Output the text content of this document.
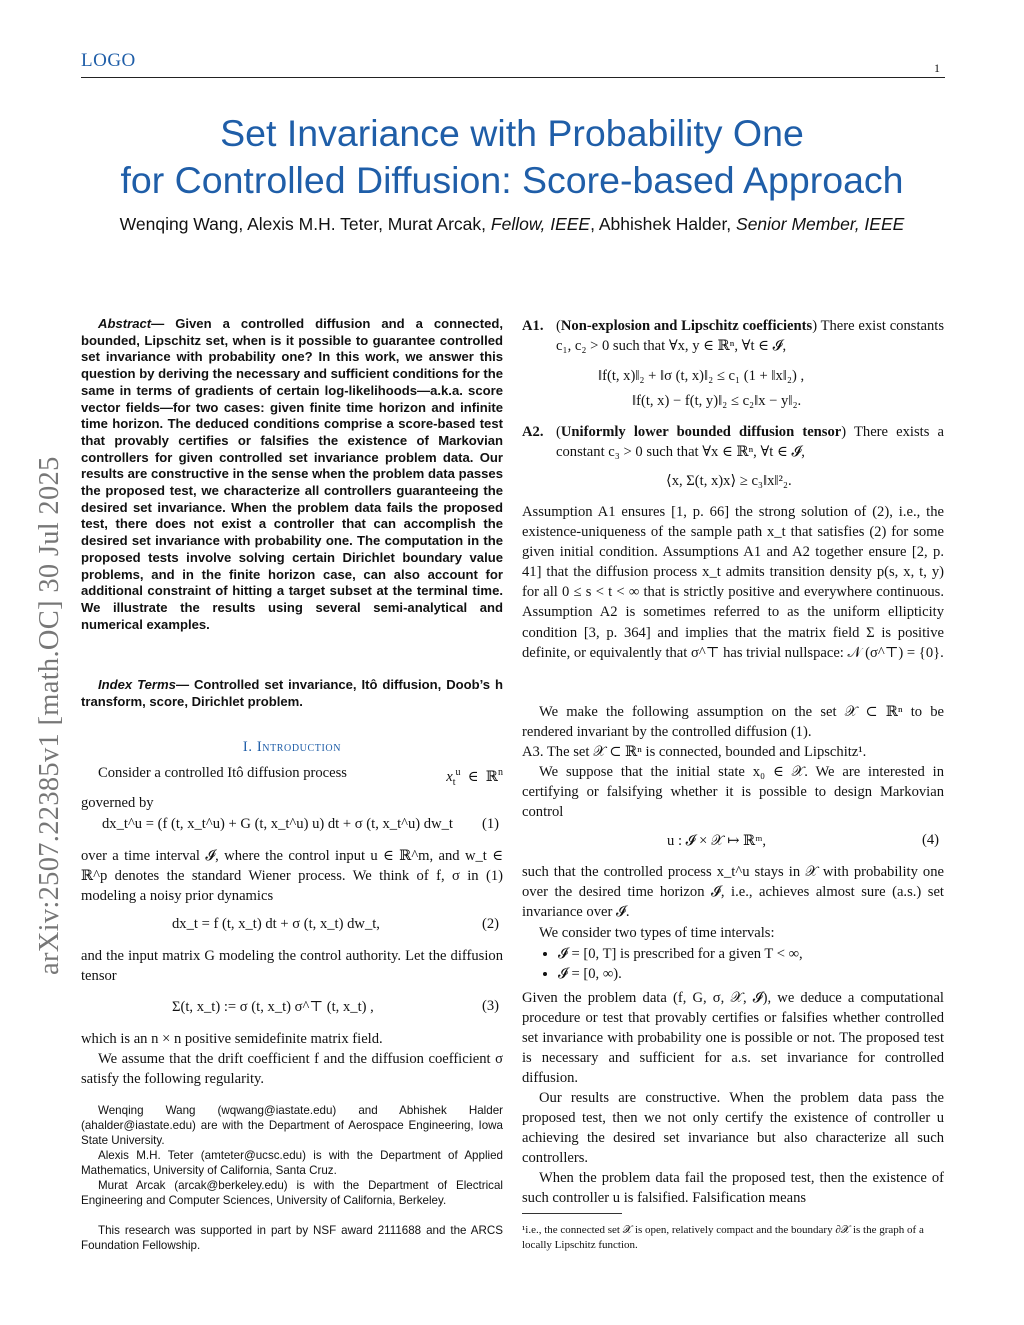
LOGO	1
arXiv:2507.22385v1 [math.OC] 30 Jul 2025
Set Invariance with Probability One
for Controlled Diffusion: Score-based Approach
Wenqing Wang, Alexis M.H. Teter, Murat Arcak, Fellow, IEEE, Abhishek Halder, Senior Member, IEEE
Abstract— Given a controlled diffusion and a connected, bounded, Lipschitz set, when is it possible to guarantee controlled set invariance with probability one? In this work, we answer this question by deriving the necessary and sufficient conditions for the same in terms of gradients of certain log-likelihoods—a.k.a. score vector fields—for two cases: given finite time horizon and infinite time horizon. The deduced conditions comprise a score-based test that provably certifies or falsifies the existence of Markovian controllers for given controlled set invariance problem data. Our results are constructive in the sense when the problem data passes the proposed test, we characterize all controllers guaranteeing the desired set invariance. When the problem data fails the proposed test, there does not exist a controller that can accomplish the desired set invariance with probability one. The computation in the proposed tests involve solving certain Dirichlet boundary value problems, and in the finite horizon case, can also account for additional constraint of hitting a target subset at the terminal time. We illustrate the results using several semi-analytical and numerical examples.
Index Terms— Controlled set invariance, Itô diffusion, Doob’s h transform, score, Dirichlet problem.
I. Introduction
Consider a controlled Itô diffusion process	$x_t^u$  ∈  ℝ$^n$
governed by
dx_t^u = (f (t, x_t^u) + G (t, x_t^u) u) dt + σ (t, x_t^u) dw_t (1)
over a time interval 𝓘, where the control input u ∈ ℝ^m, and w_t ∈ ℝ^p denotes the standard Wiener process. We think of f, σ in (1) modeling a noisy prior dynamics
dx_t = f (t, x_t) dt + σ (t, x_t) dw_t,	(2)
and the input matrix G modeling the control authority. Let the diffusion tensor
Σ(t, x_t) := σ (t, x_t) σ^⊤ (t, x_t) ,	(3)
which is an n × n positive semidefinite matrix field.
We assume that the drift coefficient f and the diffusion coefficient σ satisfy the following regularity.
Wenqing Wang (wqwang@iastate.edu) and Abhishek Halder (ahalder@iastate.edu) are with the Department of Aerospace Engineering, Iowa State University.
Alexis M.H. Teter (amteter@ucsc.edu) is with the Department of Applied Mathematics, University of California, Santa Cruz.
Murat Arcak (arcak@berkeley.edu) is with the Department of Electrical Engineering and Computer Sciences, University of California, Berkeley.
This research was supported in part by NSF award 2111688 and the ARCS Foundation Fellowship.
A1. (Non-explosion and Lipschitz coefficients) There exist constants c₁, c₂ > 0 such that ∀x, y ∈ ℝⁿ, ∀t ∈ 𝓘,
‖f(t, x)‖₂ + ‖σ (t, x)‖₂ ≤ c₁ (1 + ‖x‖₂) ,
‖f(t, x) − f(t, y)‖₂ ≤ c₂‖x − y‖₂.
A2. (Uniformly lower bounded diffusion tensor) There exists a constant c₃ > 0 such that ∀x ∈ ℝⁿ, ∀t ∈ 𝓘,
⟨x, Σ(t, x)x⟩ ≥ c₃‖x‖²₂.
Assumption A1 ensures [1, p. 66] the strong solution of (2), i.e., the existence-uniqueness of the sample path x_t that satisfies (2) for some given initial condition. Assumptions A1 and A2 together ensure [2, p. 41] that the diffusion process x_t admits transition density p(s, x, t, y) for all 0 ≤ s < t < ∞ that is strictly positive and everywhere continuous. Assumption A2 is sometimes referred to as the uniform ellipticity condition [3, p. 364] and implies that the matrix field Σ is positive definite, or equivalently that σ^⊤ has trivial nullspace: 𝒩 (σ^⊤) = {0}.
We make the following assumption on the set 𝒳 ⊂ ℝⁿ to be rendered invariant by the controlled diffusion (1).
A3. The set 𝒳 ⊂ ℝⁿ is connected, bounded and Lipschitz¹.
We suppose that the initial state x₀ ∈ 𝒳. We are interested in certifying or falsifying whether it is possible to design Markovian control
u : 𝓘 × 𝒳 ↦ ℝᵐ,	(4)
such that the controlled process x_t^u stays in 𝒳 with probability one over the desired time horizon 𝓘, i.e., achieves almost sure (a.s.) set invariance over 𝓘.
We consider two types of time intervals:
• 𝓘 = [0, T] is prescribed for a given T < ∞,
• 𝓘 = [0, ∞).
Given the problem data (f, G, σ, 𝒳, 𝓘), we deduce a computational procedure or test that provably certifies or falsifies whether controlled set invariance with probability one is possible or not. The proposed test is necessary and sufficient for a.s. set invariance for controlled diffusion.
Our results are constructive. When the problem data pass the proposed test, then we not only certify the existence of controller u achieving the desired set invariance but also characterize all such controllers.
When the problem data fail the proposed test, then the existence of such controller u is falsified. Falsification means
¹i.e., the connected set 𝒳 is open, relatively compact and the boundary ∂𝒳 is the graph of a locally Lipschitz function.
